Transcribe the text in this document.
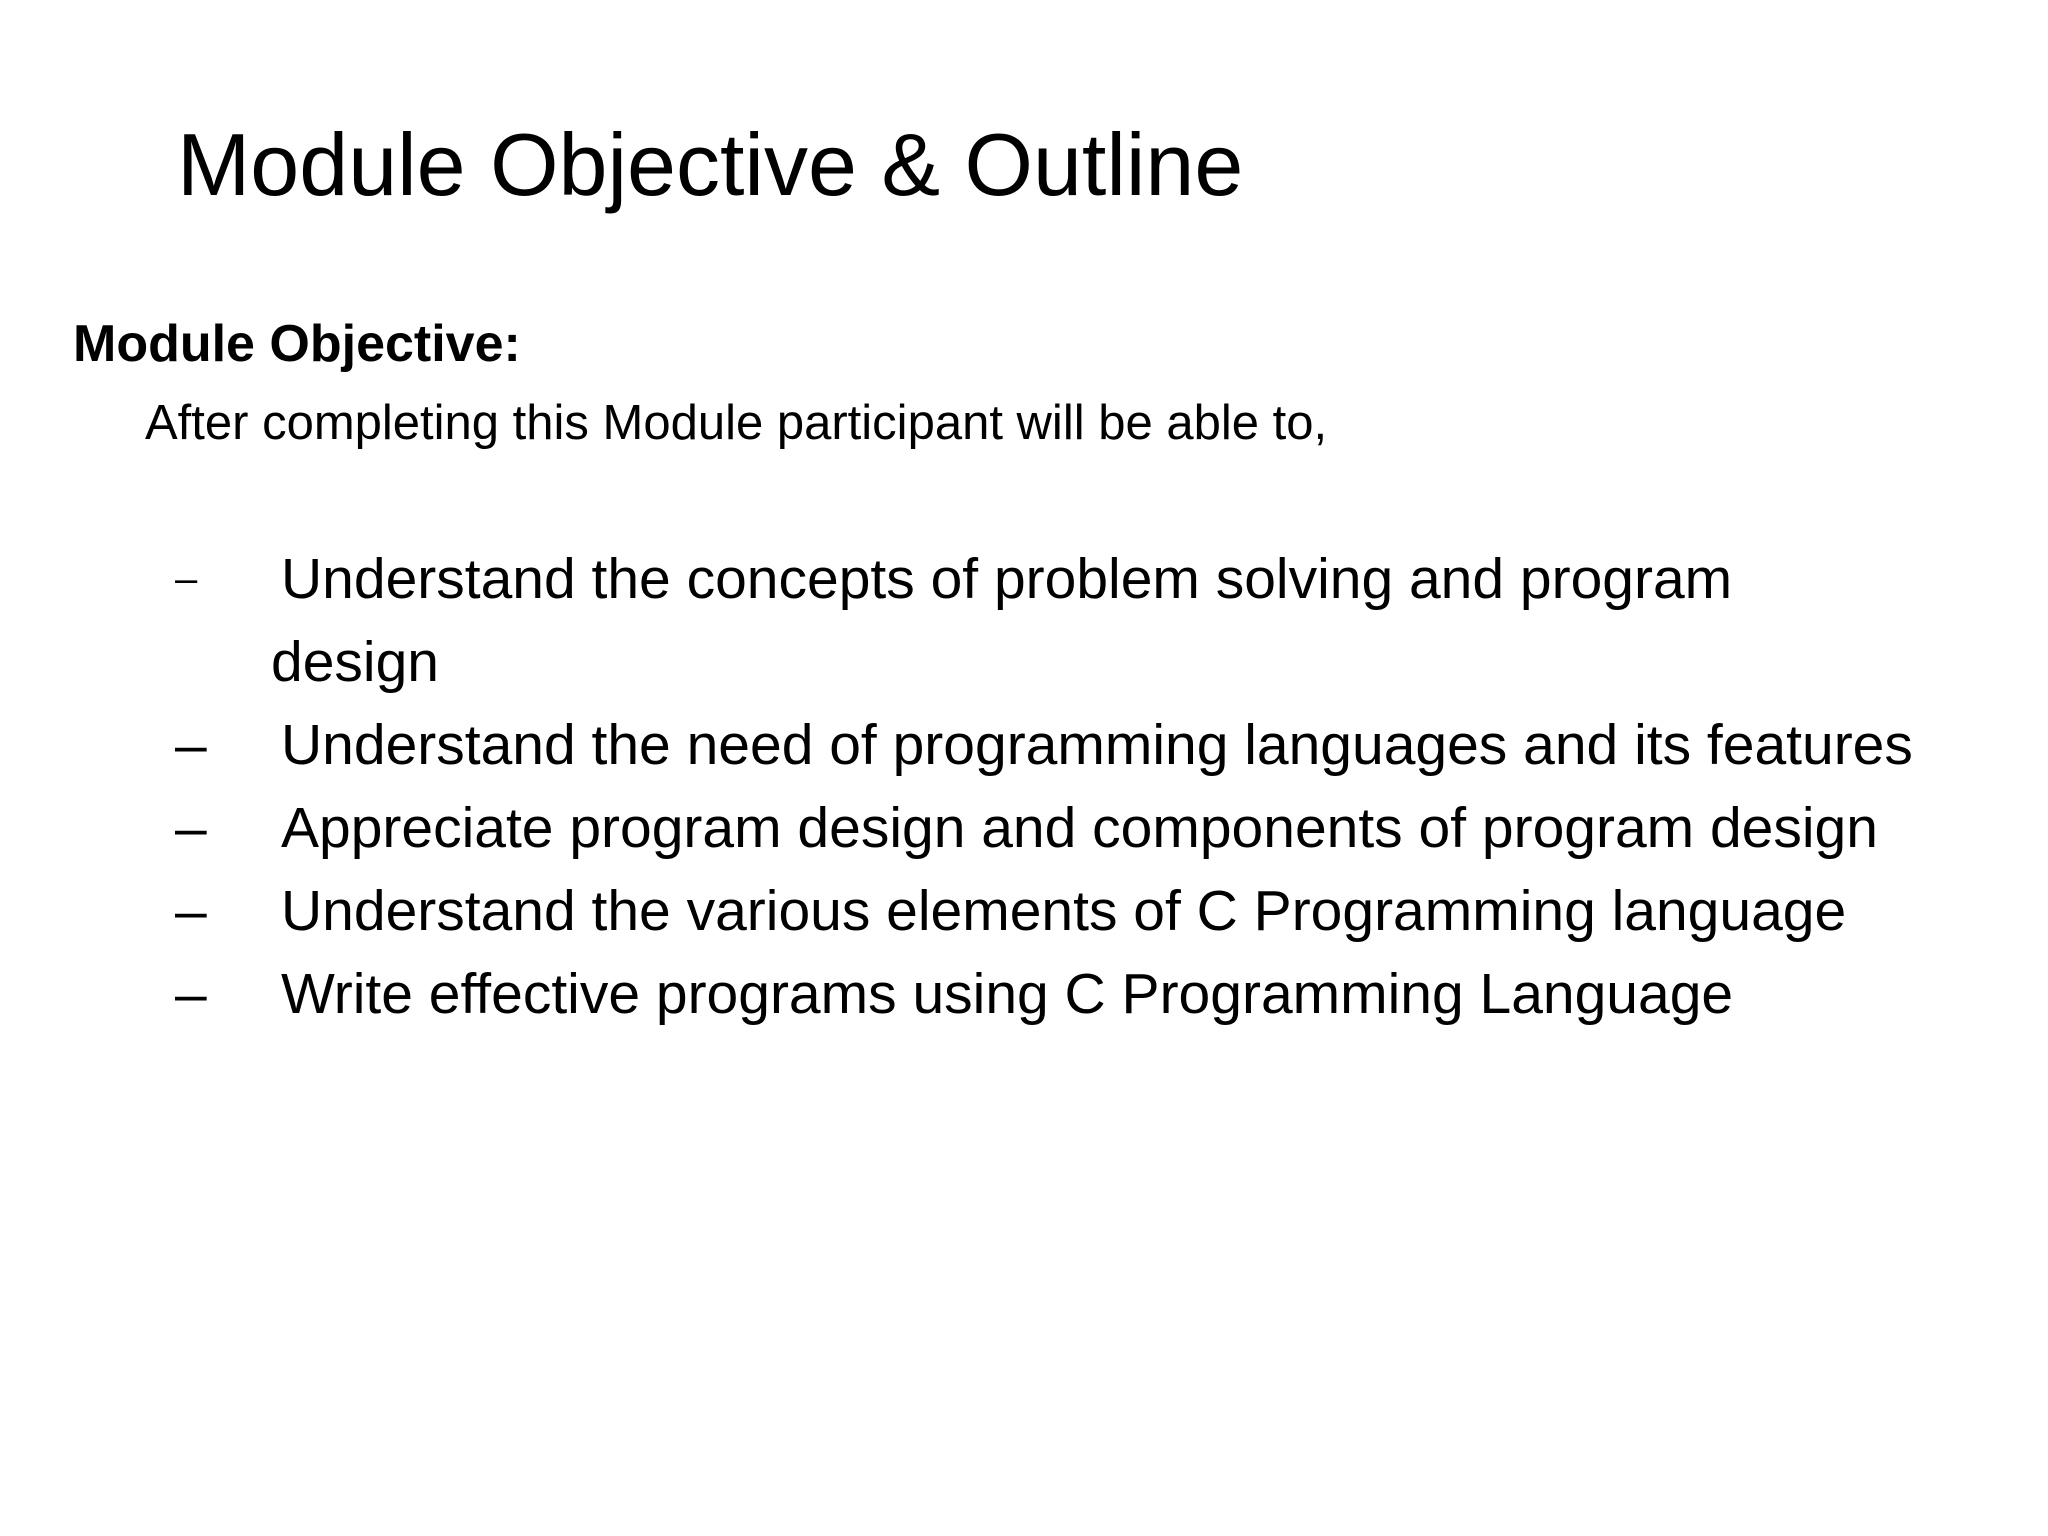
Module Objective & Outline
Module Objective:
After completing this Module participant will be able to,
–	Understand the concepts of problem solving and program
design
– Understand the need of programming languages and its features
– Appreciate program design and components of program design
– Understand the various elements of C Programming language
– Write effective programs using C Programming Language
